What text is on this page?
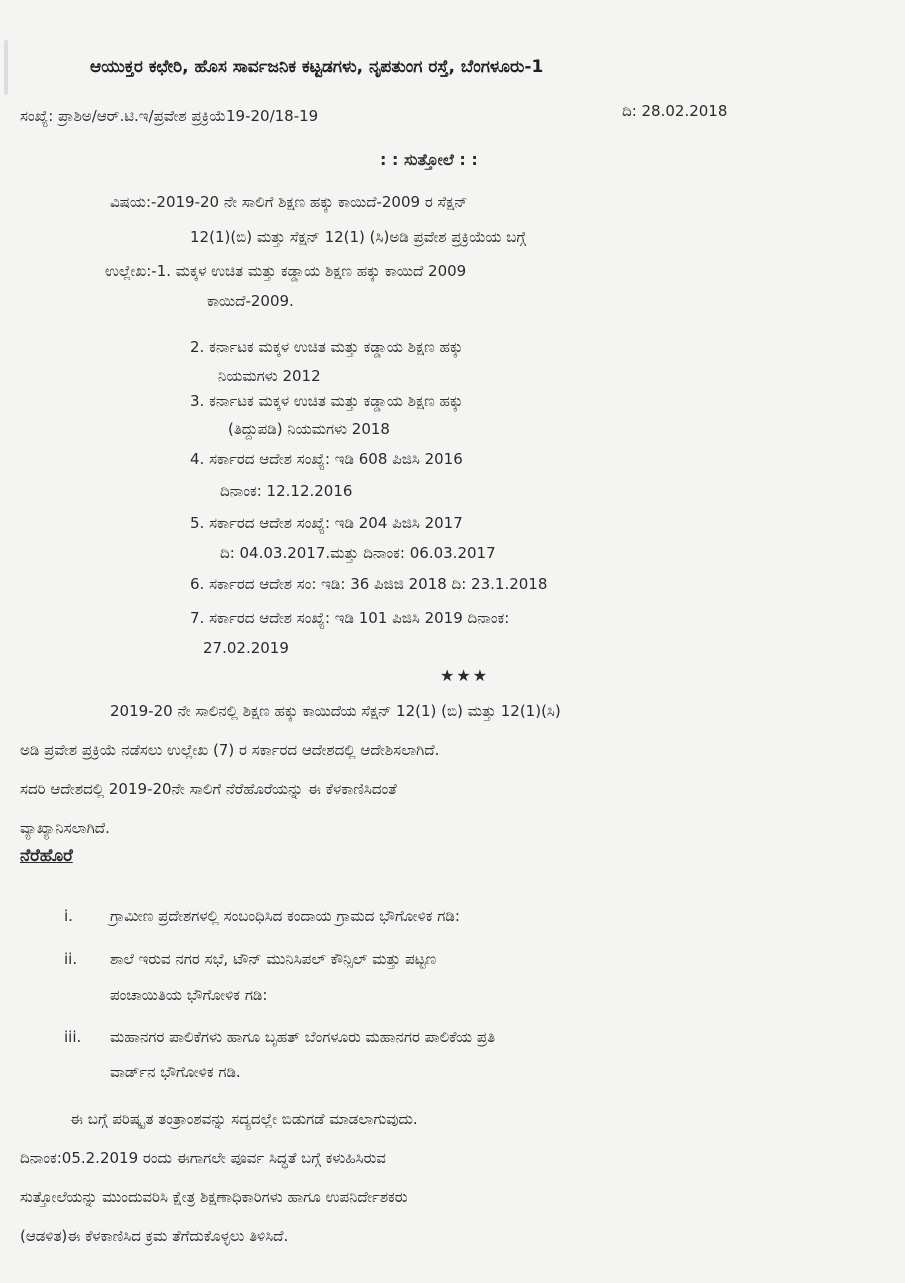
ಆಯುಕ್ತರ ಕಛೇರಿ, ಹೊಸ ಸಾರ್ವಜನಿಕ ಕಟ್ಟಡಗಳು, ನೃಪತುಂಗ ರಸ್ತೆ, ಬೆಂಗಳೂರು-1
ಸಂಖ್ಯೆ: ಪ್ರಾಶಿಅ/ಆರ್.ಟಿ.ಇ/ಪ್ರವೇಶ ಪ್ರಕ್ರಿಯೆ19-20/18-19	ದಿ: 28.02.2018
: : ಸುತ್ತೋಲೆ : :
ವಿಷಯ:-2019-20 ನೇ ಸಾಲಿಗೆ ಶಿಕ್ಷಣ ಹಕ್ಕು ಕಾಯಿದೆ-2009 ರ ಸೆಕ್ಷನ್
12(1)(ಬಿ) ಮತ್ತು ಸೆಕ್ಷನ್ 12(1) (ಸಿ)ಅಡಿ ಪ್ರವೇಶ ಪ್ರಕ್ರಿಯೆಯ ಬಗ್ಗೆ
ಉಲ್ಲೇಖ:-1. ಮಕ್ಕಳ ಉಚಿತ ಮತ್ತು ಕಡ್ಡಾಯ ಶಿಕ್ಷಣ ಹಕ್ಕು ಕಾಯಿದೆ 2009
ಕಾಯಿದೆ-2009.
2. ಕರ್ನಾಟಕ ಮಕ್ಕಳ ಉಚಿತ ಮತ್ತು ಕಡ್ಡಾಯ ಶಿಕ್ಷಣ ಹಕ್ಕು
ನಿಯಮಗಳು 2012
3. ಕರ್ನಾಟಕ ಮಕ್ಕಳ ಉಚಿತ ಮತ್ತು ಕಡ್ಡಾಯ ಶಿಕ್ಷಣ ಹಕ್ಕು
(ತಿದ್ದುಪಡಿ) ನಿಯಮಗಳು 2018
4. ಸರ್ಕಾರದ ಆದೇಶ ಸಂಖ್ಯೆ: ಇಡಿ 608 ಪಿಜಿಸಿ 2016
ದಿನಾಂಕ: 12.12.2016
5. ಸರ್ಕಾರದ ಆದೇಶ ಸಂಖ್ಯೆ: ಇಡಿ 204 ಪಿಜಿಸಿ 2017
ದಿ: 04.03.2017.ಮತ್ತು ದಿನಾಂಕ: 06.03.2017
6. ಸರ್ಕಾರದ ಆದೇಶ ಸಂ: ಇಡಿ: 36 ಪಿಜಿಜಿ 2018 ದಿ: 23.1.2018
7. ಸರ್ಕಾರದ ಆದೇಶ ಸಂಖ್ಯೆ: ಇಡಿ 101 ಪಿಜಿಸಿ 2019 ದಿನಾಂಕ:
27.02.2019
★★★
2019-20 ನೇ ಸಾಲಿನಲ್ಲಿ ಶಿಕ್ಷಣ ಹಕ್ಕು ಕಾಯಿದೆಯ ಸೆಕ್ಷನ್ 12(1) (ಬಿ) ಮತ್ತು 12(1)(ಸಿ)
ಅಡಿ ಪ್ರವೇಶ ಪ್ರಕ್ರಿಯೆ ನಡೆಸಲು ಉಲ್ಲೇಖ (7) ರ ಸರ್ಕಾರದ ಆದೇಶದಲ್ಲಿ ಆದೇಶಿಸಲಾಗಿದೆ.
ಸದರಿ ಆದೇಶದಲ್ಲಿ 2019-20ನೇ ಸಾಲಿಗೆ ನೆರೆಹೊರೆಯನ್ನು ಈ ಕೆಳಕಾಣಿಸಿದಂತೆ
ವ್ಯಾಖ್ಯಾನಿಸಲಾಗಿದೆ.
ನೆರೆಹೊರೆ
i.	ಗ್ರಾಮೀಣ ಪ್ರದೇಶಗಳಲ್ಲಿ ಸಂಬಂಧಿಸಿದ ಕಂದಾಯ ಗ್ರಾಮದ ಭೌಗೋಳಿಕ ಗಡಿ:
ii.	ಶಾಲೆ ಇರುವ ನಗರ ಸಭೆ, ಟೌನ್ ಮುನಿಸಿಪಲ್ ಕೌನ್ಸಿಲ್ ಮತ್ತು ಪಟ್ಟಣ
ಪಂಚಾಯಿತಿಯ ಭೌಗೋಳಿಕ ಗಡಿ:
iii.	ಮಹಾನಗರ ಪಾಲಿಕೆಗಳು ಹಾಗೂ ಬೃಹತ್ ಬೆಂಗಳೂರು ಮಹಾನಗರ ಪಾಲಿಕೆಯ ಪ್ರತಿ
ವಾರ್ಡ್‌ನ ಭೌಗೋಳಿಕ ಗಡಿ.
ಈ ಬಗ್ಗೆ ಪರಿಷ್ಕೃತ ತಂತ್ರಾಂಶವನ್ನು ಸದ್ಯದಲ್ಲೇ ಬಿಡುಗಡೆ ಮಾಡಲಾಗುವುದು.
ದಿನಾಂಕ:05.2.2019 ರಂದು ಈಗಾಗಲೇ ಪೂರ್ವ ಸಿದ್ಧತೆ ಬಗ್ಗೆ ಕಳುಹಿಸಿರುವ
ಸುತ್ತೋಲೆಯನ್ನು ಮುಂದುವರಿಸಿ ಕ್ಷೇತ್ರ ಶಿಕ್ಷಣಾಧಿಕಾರಿಗಳು ಹಾಗೂ ಉಪನಿರ್ದೇಶಕರು
(ಆಡಳಿತ)ಈ ಕೆಳಕಾಣಿಸಿದ ಕ್ರಮ ತೆಗೆದುಕೊಳ್ಳಲು ತಿಳಿಸಿದೆ.
